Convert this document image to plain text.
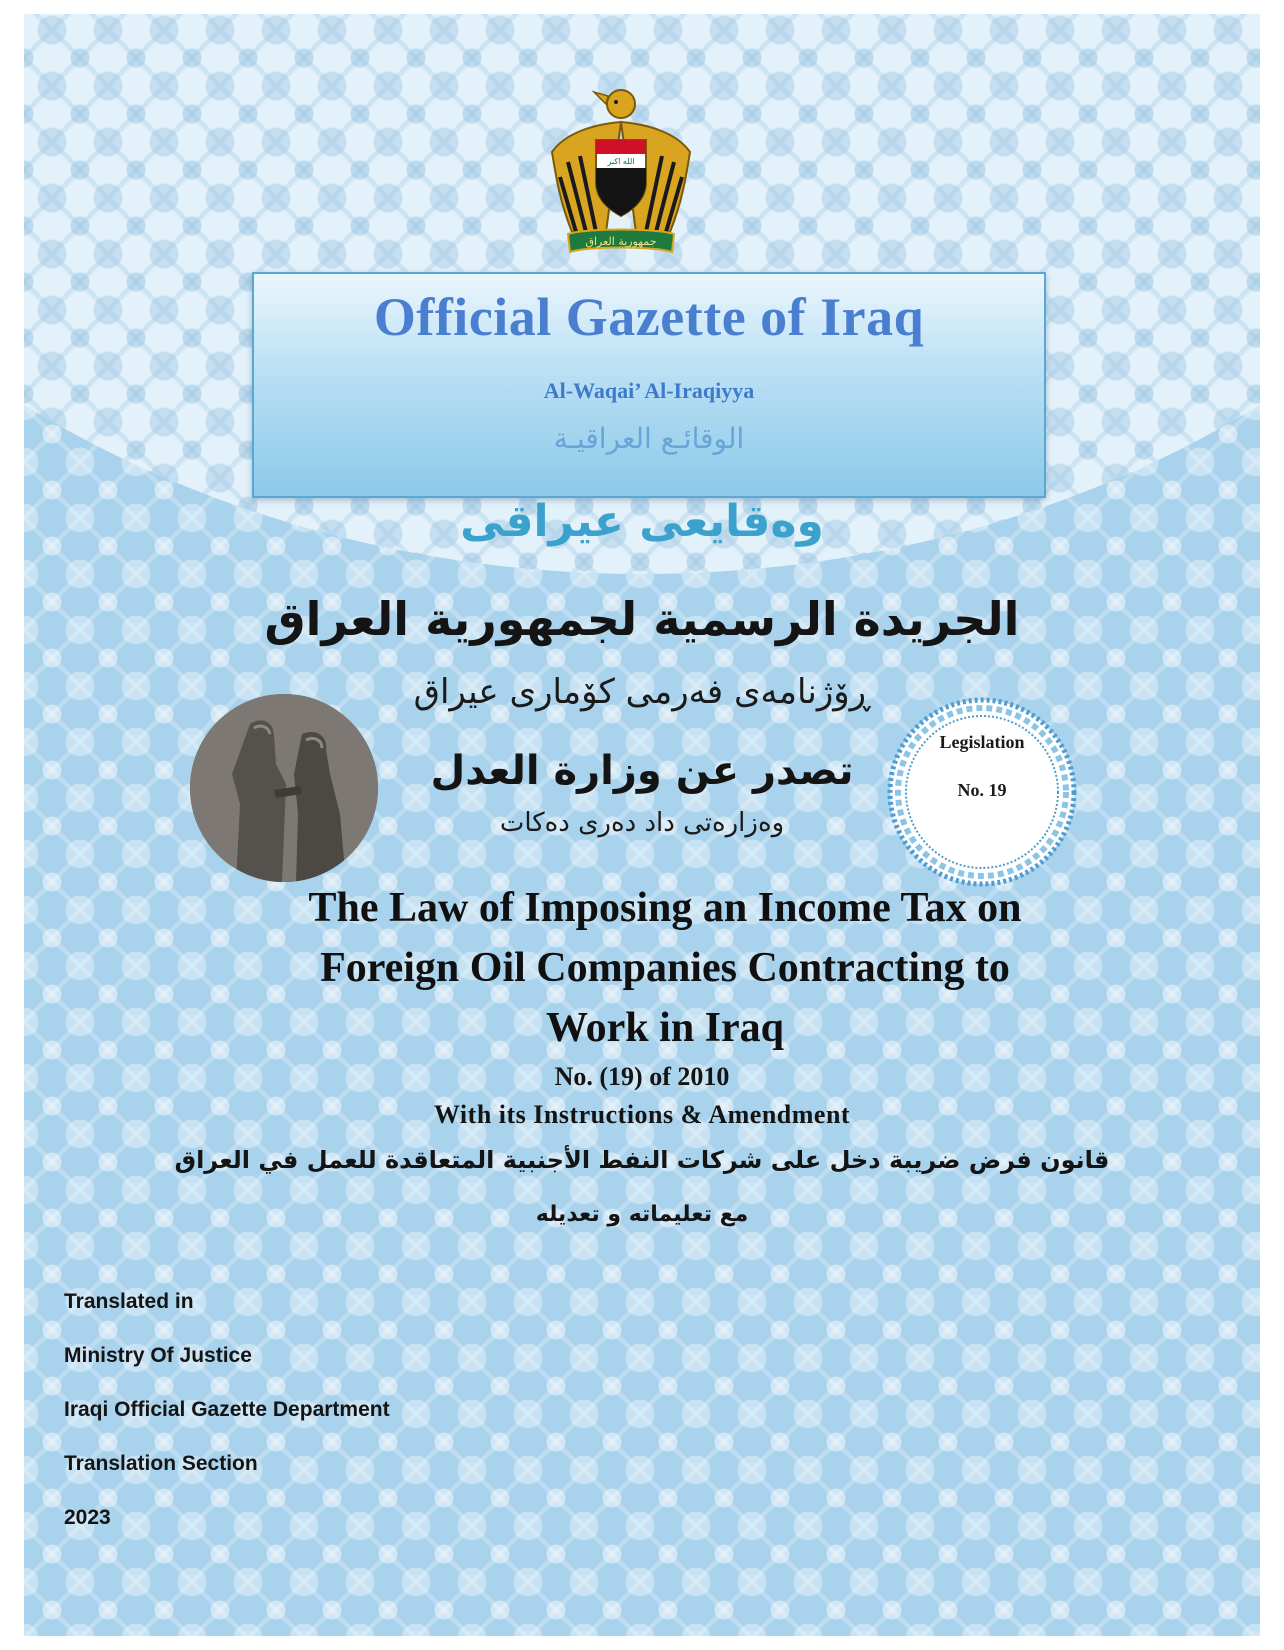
الله اكبر
جمهورية العراق
Official Gazette of Iraq
Al-Waqai’ Al-Iraqiyya
الوقائـع العراقيـة
وەقايعی عيراقی
الجريدة الرسمية لجمهورية العراق
ڕۆژنامەی فەرمی کۆماری عیراق
تصدر عن وزارة العدل
وەزارەتی داد دەری دەکات
Legislation
No. 19
The Law of Imposing an Income Tax on
Foreign Oil Companies Contracting to
Work in Iraq
No. (19) of 2010
With its Instructions & Amendment
قانون فرض ضريبة دخل على شركات النفط الأجنبية المتعاقدة للعمل في العراق
مع تعليماته و تعديله
Translated in
Ministry Of Justice
Iraqi Official Gazette Department
Translation Section
2023
